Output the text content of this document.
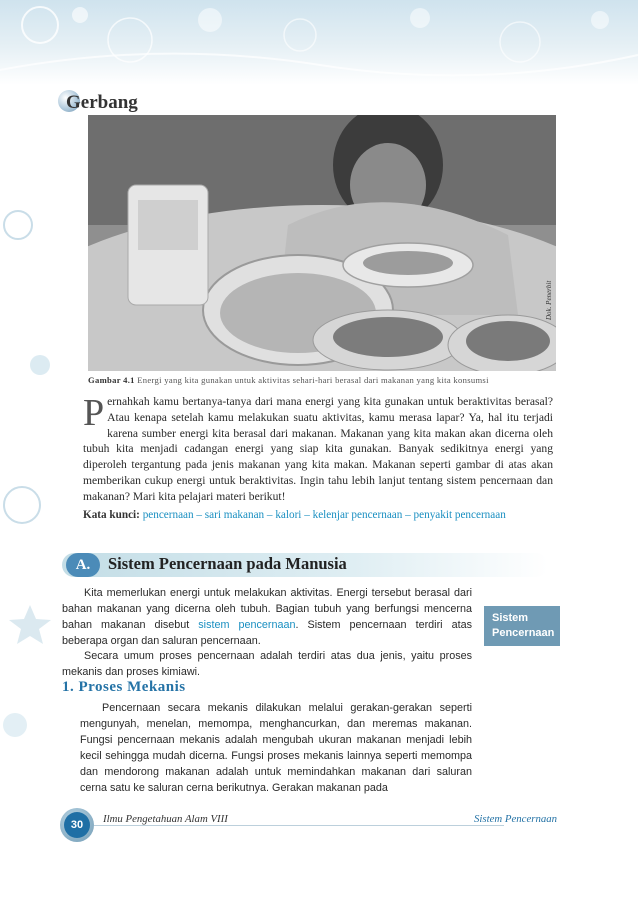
Gerbang
Dok. Penerbit
Gambar 4.1 Energi yang kita gunakan untuk aktivitas sehari-hari berasal dari makanan yang kita konsumsi
P ernahkah kamu bertanya-tanya dari mana energi yang kita gunakan untuk beraktivitas berasal? Atau kenapa setelah kamu melakukan suatu aktivitas, kamu merasa lapar? Ya, hal itu terjadi karena sumber energi kita berasal dari makanan. Makanan yang kita makan akan dicerna oleh tubuh kita menjadi cadangan energi yang siap kita gunakan. Banyak sedikitnya energi yang diperoleh tergantung pada jenis makanan yang kita makan. Makanan seperti gambar di atas akan memberikan cukup energi untuk beraktivitas. Ingin tahu lebih lanjut tentang sistem pencernaan dan makanan? Mari kita pelajari materi berikut!
Kata kunci: pencernaan – sari makanan – kalori – kelenjar pencernaan – penyakit pencernaan
A.	Sistem Pencernaan pada Manusia
Kita memerlukan energi untuk melakukan aktivitas. Energi tersebut berasal dari bahan makanan yang dicerna oleh tubuh. Bagian tubuh yang berfungsi mencerna bahan makanan disebut sistem pencernaan. Sistem pencernaan terdiri atas beberapa organ dan saluran pencernaan.
Secara umum proses pencernaan adalah terdiri atas dua jenis, yaitu proses mekanis dan proses kimiawi.
Sistem
Pencernaan
1. Proses Mekanis
Pencernaan secara mekanis dilakukan melalui gerakan-gerakan seperti mengunyah, menelan, memompa, menghancurkan, dan meremas makanan. Fungsi pencernaan mekanis adalah mengubah ukuran makanan menjadi lebih kecil sehingga mudah dicerna. Fungsi proses mekanis lainnya seperti memompa dan mendorong makanan adalah untuk memindahkan makanan dari saluran cerna satu ke saluran cerna berikutnya. Gerakan makanan pada
30	Ilmu Pengetahuan Alam VIII	Sistem Pencernaan
